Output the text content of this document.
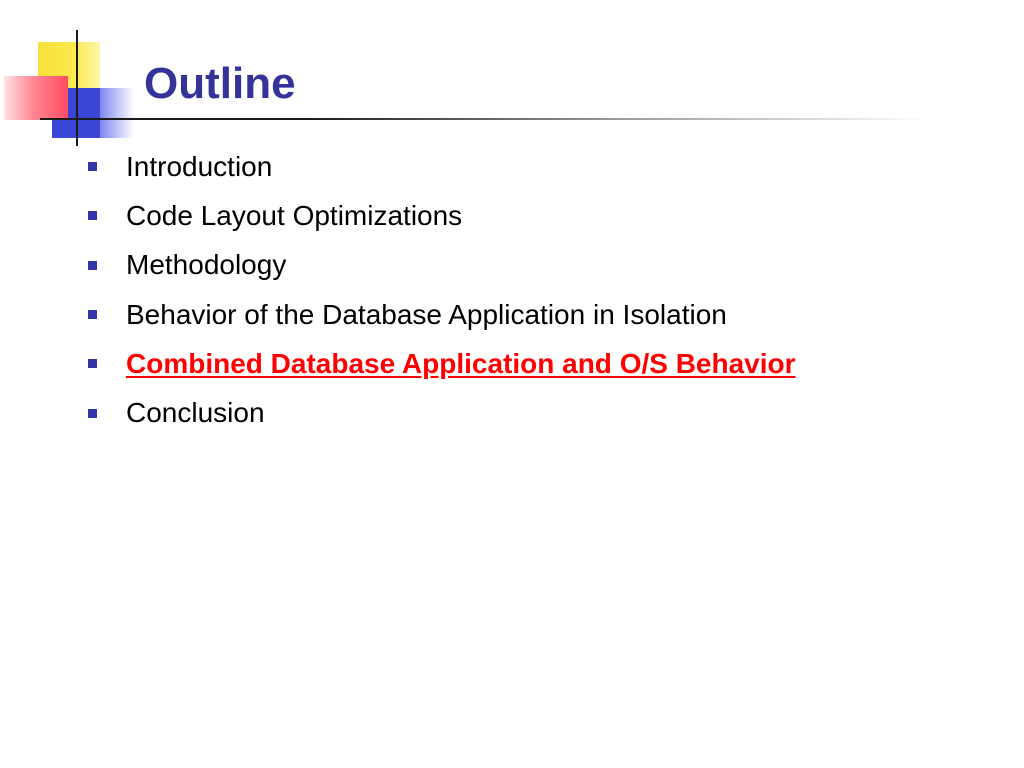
Outline
Introduction
Code Layout Optimizations
Methodology
Behavior of the Database Application in Isolation
Combined Database Application and O/S Behavior
Conclusion
